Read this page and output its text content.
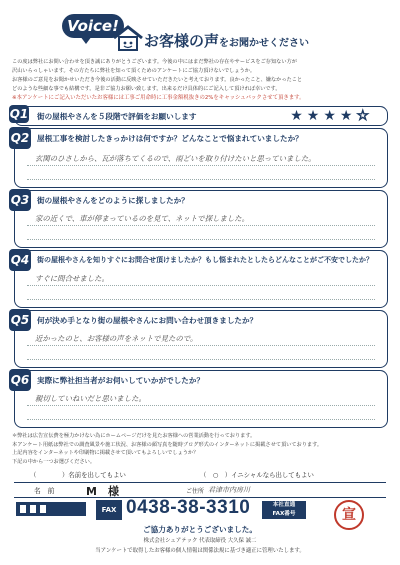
Voice!
お客様の声をお聞かせください

この度は弊社にお問い合わせを頂き誠にありがとうございます。今後の中にはまだ弊社の存在やサービスをご存知ない方が

沢山いらっしゃいます。その方たちに弊社を知って頂くためのアンケートにご協力頂けないでしょうか。

お客様のご意見をお聞かせいただき今後の活動に反映させていただきたいと考えております。良かったこと、嫌なかったこと

どのような些細な事でも結構です。是非ご協力お願い致します。出来るだけ具体的にご記入して頂ければ幸いです。

※本アンケートにご記入いただいたお客様には工事ご用命時に工事金額税抜きの2%をキャッシュバックさせて頂きます。
Q1 街の屋根やさんを５段階で評価をお願いします	★★★★☆
Q2 屋根工事を検討したきっかけは何ですか？どんなことで悩まれていましたか？
玄関のひさしから、瓦が落ちてくるので、雨どいを取り付けたいと思っていました。
Q3 街の屋根やさんをどのように探しましたか？
家の近くで、車が停まっているのを見て、ネットで探しました。
Q4 街の屋根やさんを知りすぐにお問合せ頂けましたか？もし悩まれたとしたらどんなことがご不安でしたか？
すぐに問合せました。
Q5 何が決め手となり街の屋根やさんにお問い合わせ頂きましたか？
近かったのと、お客様の声をネットで見たので。
Q6 実際に弊社担当者がお伺いしていかがでしたか？
親切していねいだと思いました。

＊弊社は広告宣伝費を極力かけない為にホームページだけを見たお客様への営業活動を行っております。

本アンケート用紙は弊社での調査風景や施工状況、お客様の顔写真を随時ブログ形式のインターネットに掲載させて頂いております。

上記内容をインターネットや印刷物に掲載させて頂いてもよろしいでしょうか？

下記の中から一つお選びください。

（　　　　）名前を出してもよい	（　○　）イニシャルなら出してもよい
名　前	M　様	ご住所 君津市内房川
FAX 0438-38-3310	本社直通
FAX番号	宣
ご協力ありがとうございました。
株式会社シェアテック 代表取締役 大久保 誠二
当アンケートで取得したお客様の個人情報は関係法規に基づき適正に管理いたします。
